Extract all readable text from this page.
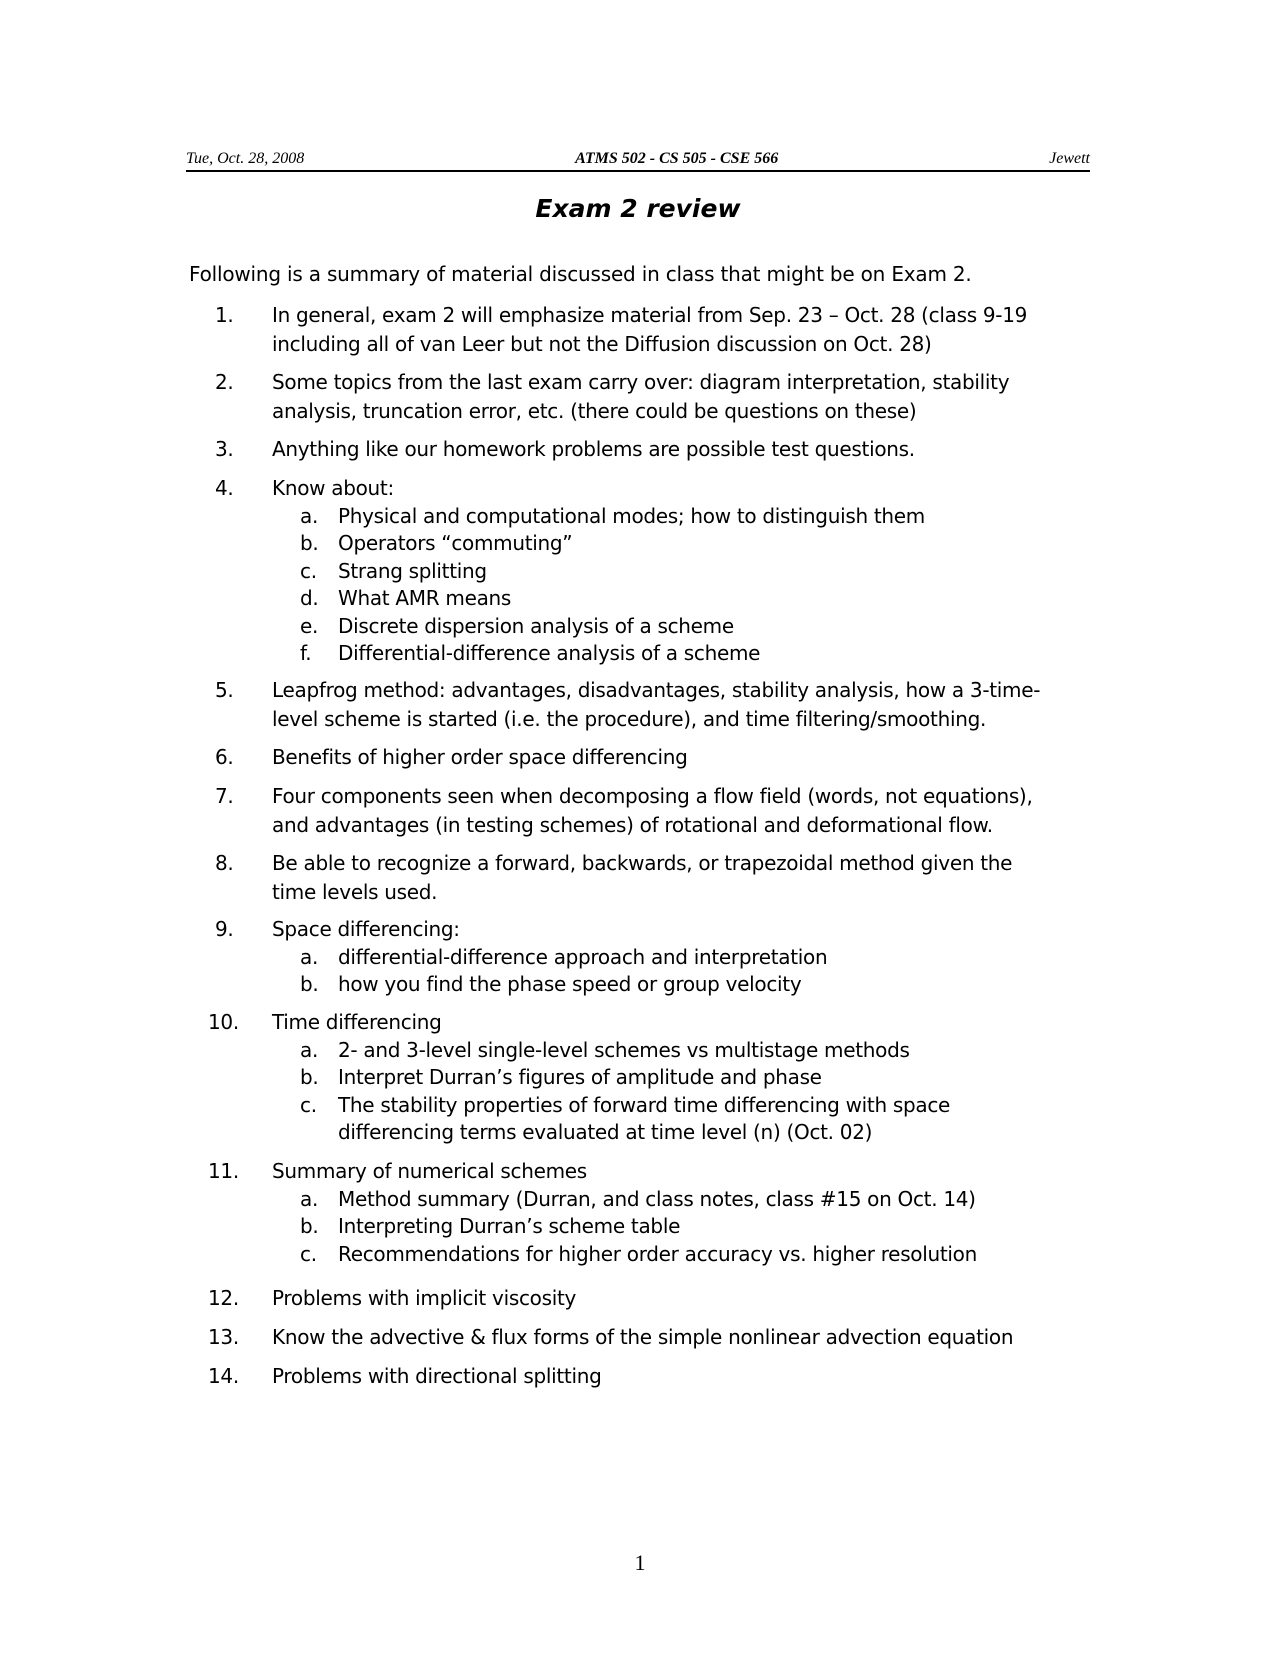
Tue, Oct. 28, 2008	ATMS 502 - CS 505 - CSE 566	Jewett
Exam 2 review
Following is a summary of material discussed in class that might be on Exam 2.
1.	In general, exam 2 will emphasize material from Sep. 23 – Oct. 28 (class 9-19
including all of van Leer but not the Diffusion discussion on Oct. 28)
2.	Some topics from the last exam carry over: diagram interpretation, stability
analysis, truncation error, etc. (there could be questions on these)
3.	Anything like our homework problems are possible test questions.
4.	Know about:
a. Physical and computational modes; how to distinguish them
b. Operators “commuting”
c. Strang splitting
d. What AMR means
e. Discrete dispersion analysis of a scheme
f. Differential-difference analysis of a scheme
5.	Leapfrog method: advantages, disadvantages, stability analysis, how a 3-time-
level scheme is started (i.e. the procedure), and time filtering/smoothing.
6.	Benefits of higher order space differencing
7.	Four components seen when decomposing a flow field (words, not equations),
and advantages (in testing schemes) of rotational and deformational flow.
8.	Be able to recognize a forward, backwards, or trapezoidal method given the
time levels used.
9.	Space differencing:
a. differential-difference approach and interpretation
b. how you find the phase speed or group velocity
10.	Time differencing
a. 2- and 3-level single-level schemes vs multistage methods
b. Interpret Durran’s figures of amplitude and phase
c. The stability properties of forward time differencing with space
differencing terms evaluated at time level (n) (Oct. 02)
11.	Summary of numerical schemes
a. Method summary (Durran, and class notes, class #15 on Oct. 14)
b. Interpreting Durran’s scheme table
c. Recommendations for higher order accuracy vs. higher resolution
12.	Problems with implicit viscosity
13.	Know the advective & flux forms of the simple nonlinear advection equation
14.	Problems with directional splitting
1
